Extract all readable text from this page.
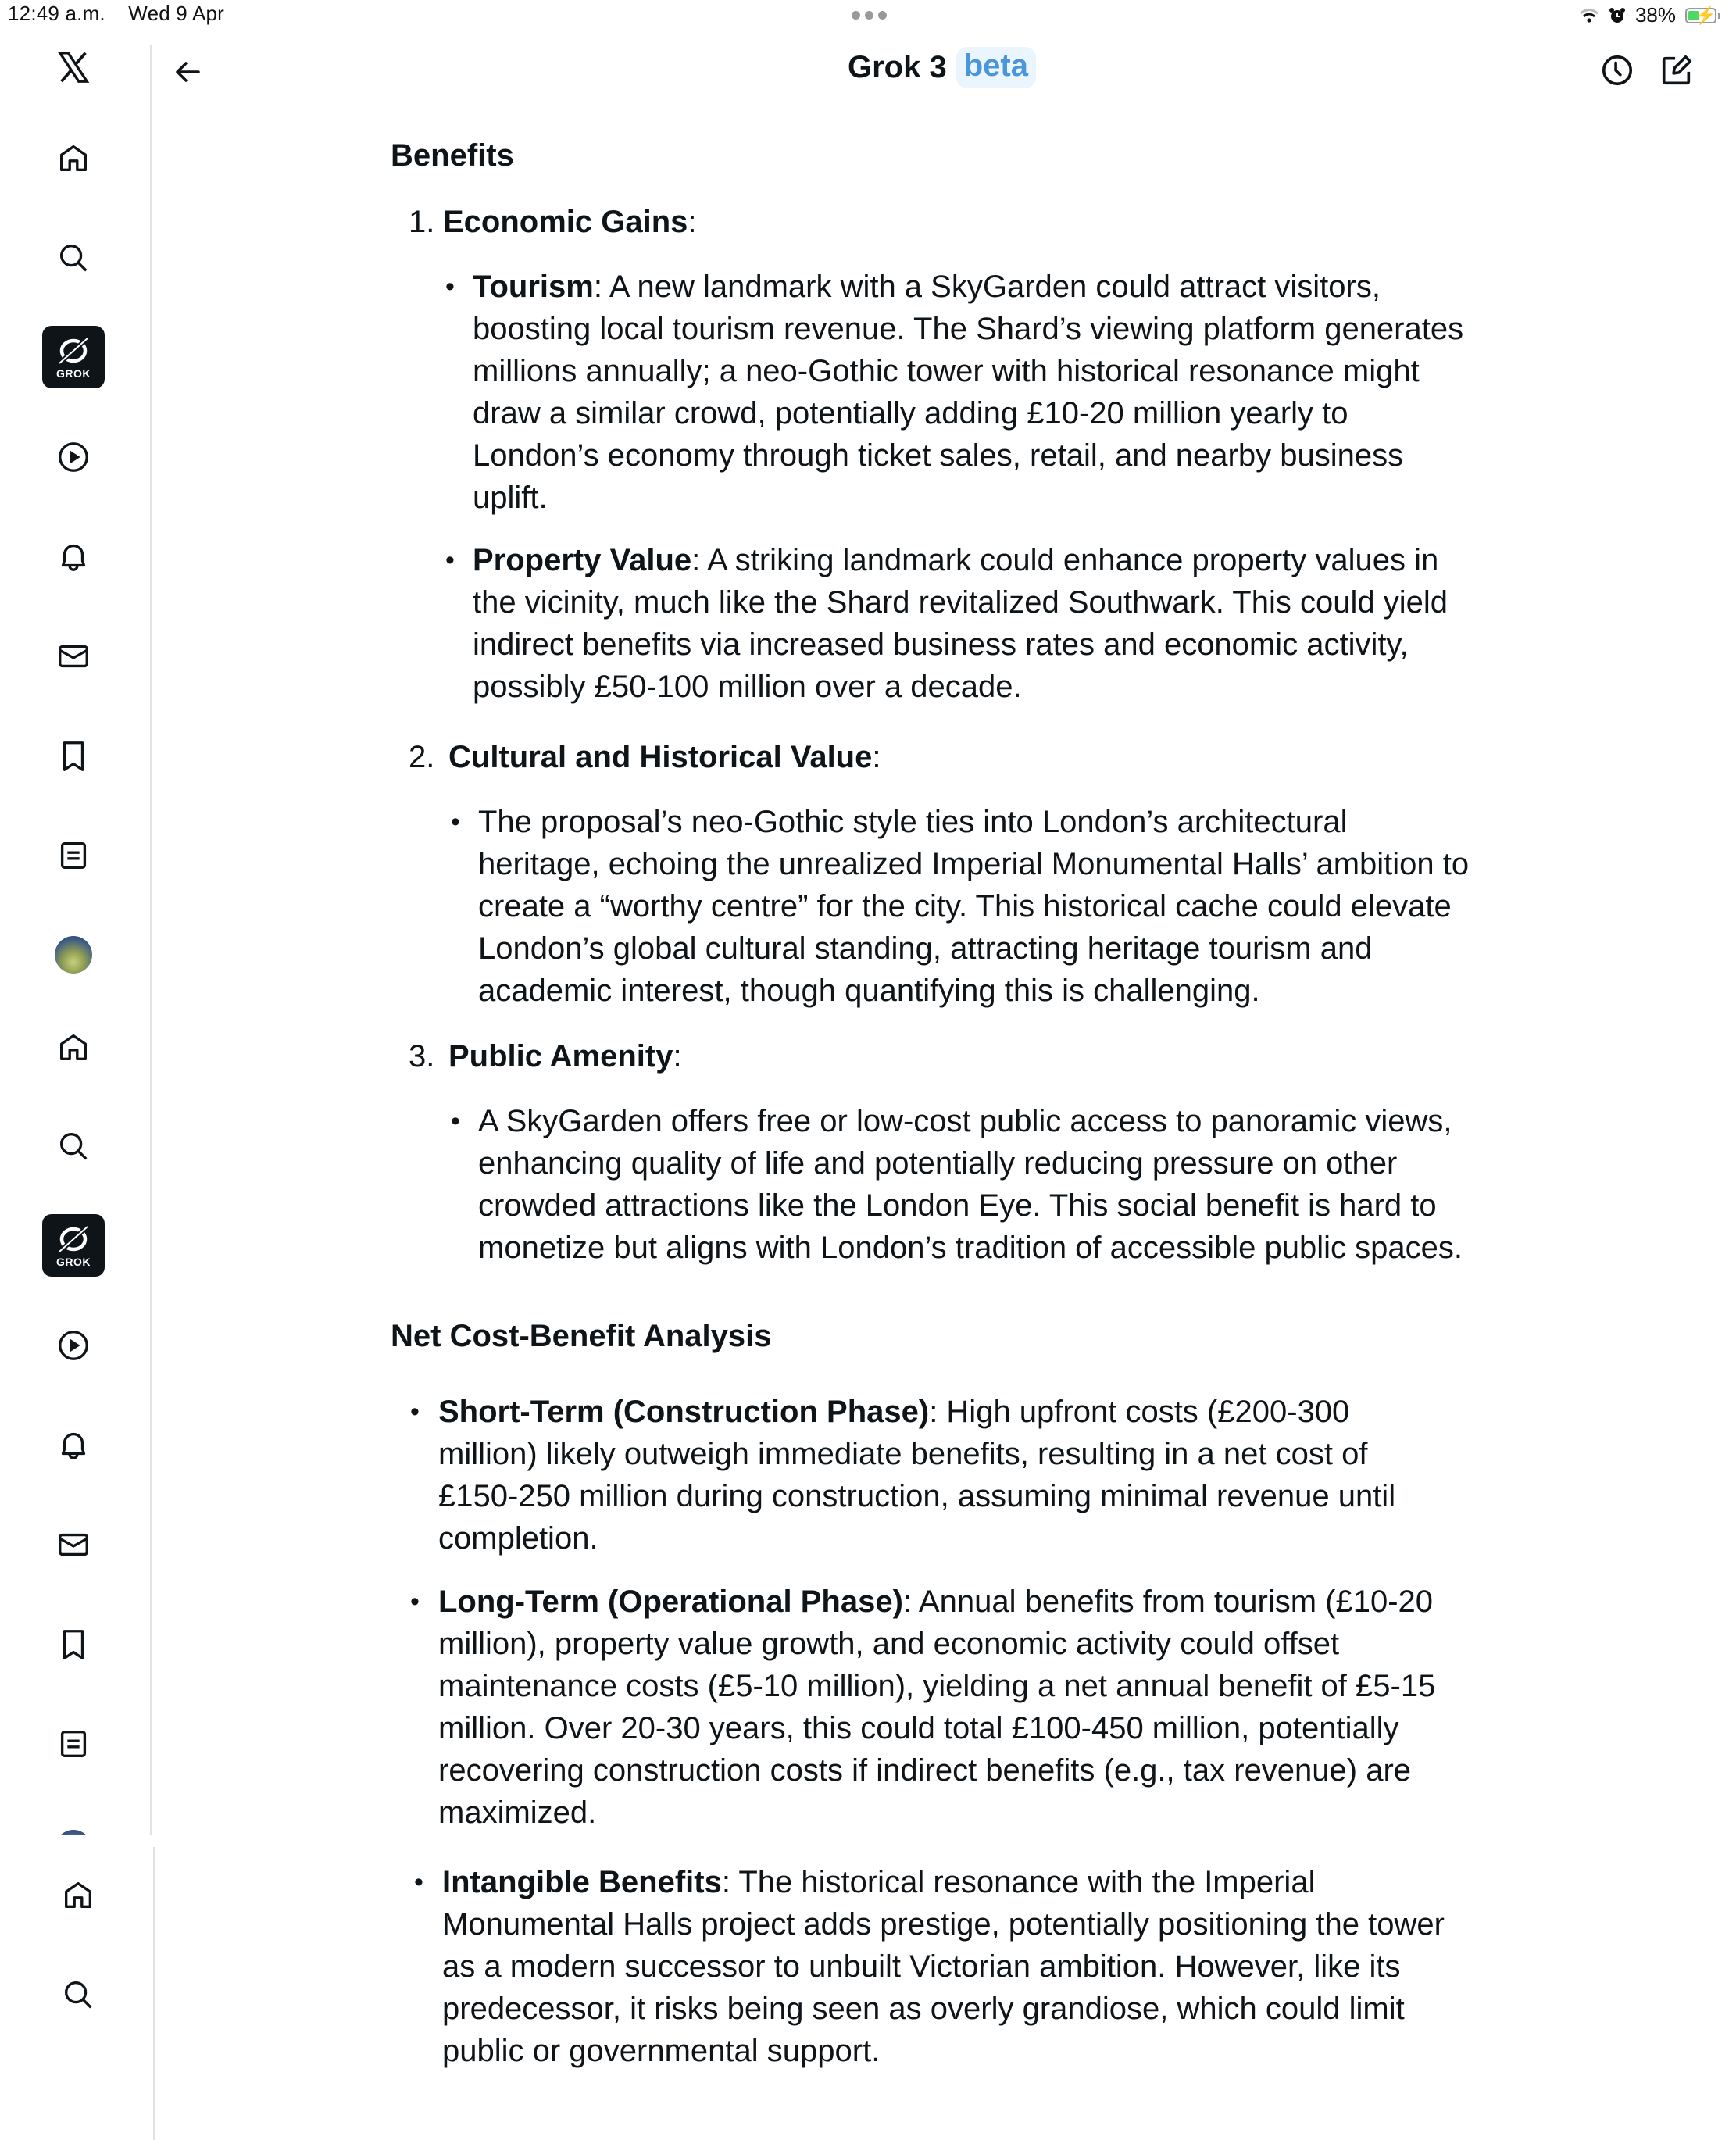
12:49 a.m. Wed 9 Apr	38% ⚡
GROK
GROK
Grok 3 beta
Benefits
1. Economic Gains:
• Tourism: A new landmark with a SkyGarden could attract visitors,
boosting local tourism revenue. The Shard’s viewing platform generates
millions annually; a neo-Gothic tower with historical resonance might
draw a similar crowd, potentially adding £10-20 million yearly to
London’s economy through ticket sales, retail, and nearby business
uplift.
• Property Value: A striking landmark could enhance property values in
the vicinity, much like the Shard revitalized Southwark. This could yield
indirect benefits via increased business rates and economic activity,
possibly £50-100 million over a decade.
2. Cultural and Historical Value:
• The proposal’s neo-Gothic style ties into London’s architectural
heritage, echoing the unrealized Imperial Monumental Halls’ ambition to
create a “worthy centre” for the city. This historical cache could elevate
London’s global cultural standing, attracting heritage tourism and
academic interest, though quantifying this is challenging.
3. Public Amenity:
• A SkyGarden offers free or low-cost public access to panoramic views,
enhancing quality of life and potentially reducing pressure on other
crowded attractions like the London Eye. This social benefit is hard to
monetize but aligns with London’s tradition of accessible public spaces.
Net Cost-Benefit Analysis
• Short-Term (Construction Phase): High upfront costs (£200-300
million) likely outweigh immediate benefits, resulting in a net cost of
£150-250 million during construction, assuming minimal revenue until
completion.
• Long-Term (Operational Phase): Annual benefits from tourism (£10-20
million), property value growth, and economic activity could offset
maintenance costs (£5-10 million), yielding a net annual benefit of £5-15
million. Over 20-30 years, this could total £100-450 million, potentially
recovering construction costs if indirect benefits (e.g., tax revenue) are
maximized.
• Intangible Benefits: The historical resonance with the Imperial
Monumental Halls project adds prestige, potentially positioning the tower
as a modern successor to unbuilt Victorian ambition. However, like its
predecessor, it risks being seen as overly grandiose, which could limit
public or governmental support.
